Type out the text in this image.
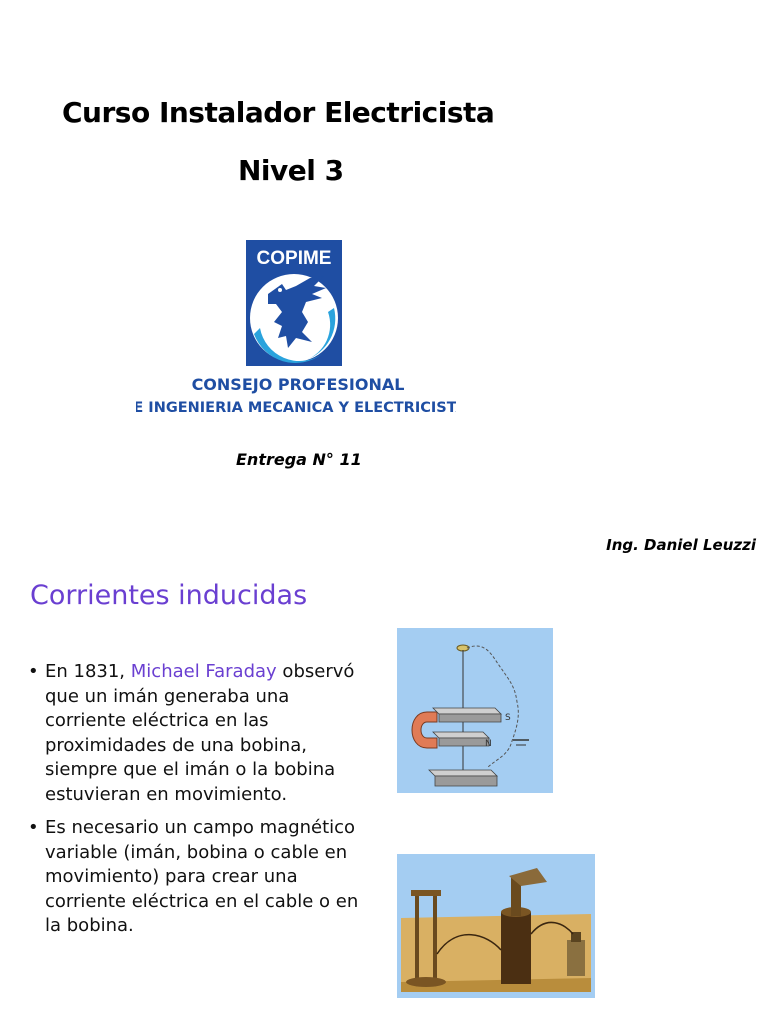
Curso Instalador Electricista
Nivel 3
COPIME
CONSEJO PROFESIONAL
DE INGENIERIA MECANICA Y ELECTRICISTA
Entrega N° 11
Ing. Daniel Leuzzi
Corrientes inducidas
• En 1831, Michael Faraday observó que un imán generaba una corriente eléctrica en las proximidades de una bobina, siempre que el imán o la bobina estuvieran en movimiento.
• Es necesario un campo magnético variable (imán, bobina o cable en movimiento) para crear una corriente eléctrica en el cable o en la bobina.
S
N
